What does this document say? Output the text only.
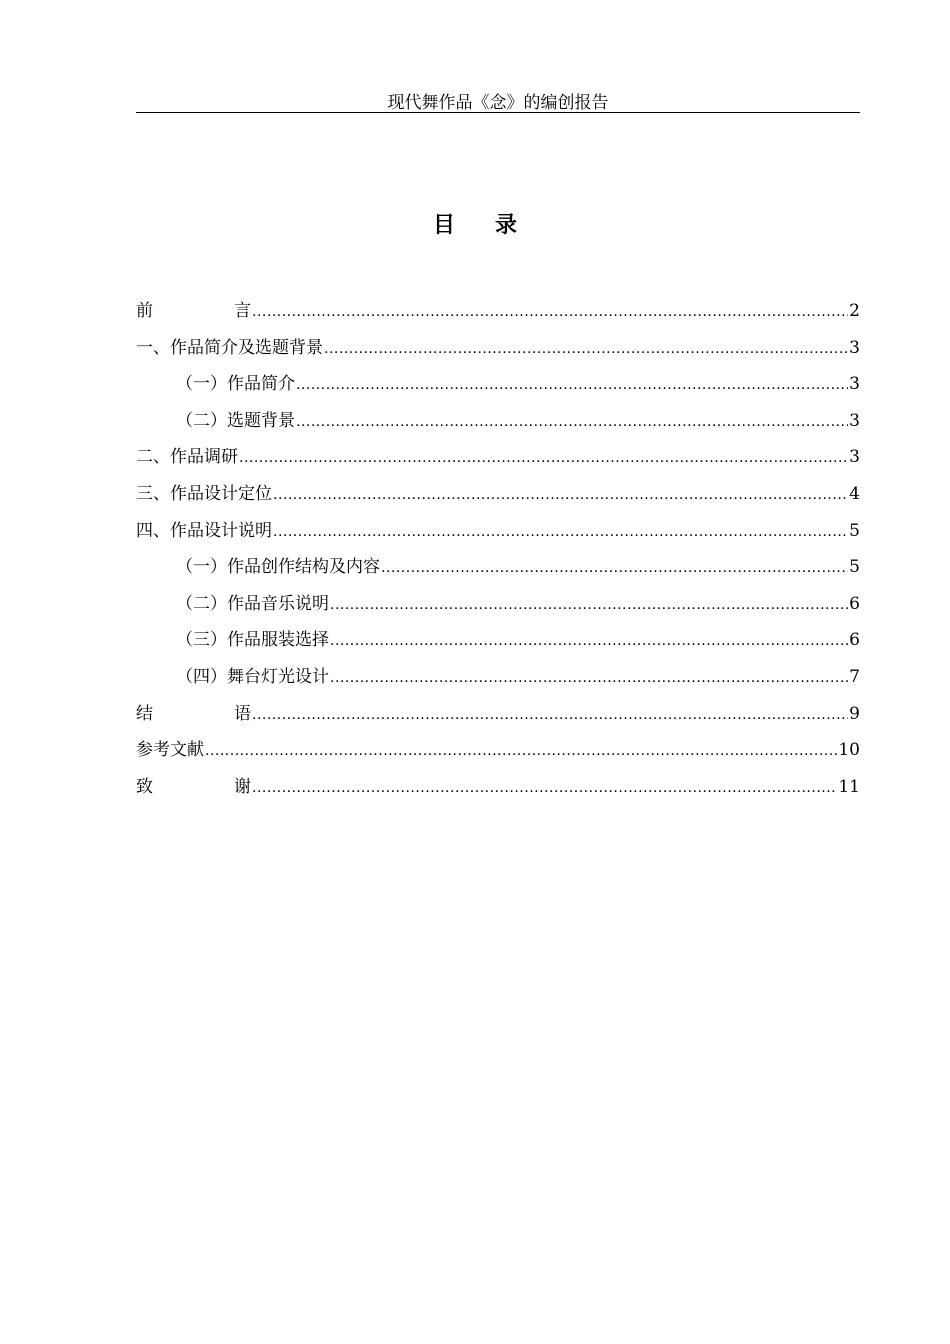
现代舞作品《念》的编创报告
目 录
前	言 .....	2
一、作品简介及选题背景 .....	3
（一）作品简介 .....	3
（二）选题背景 .....	3
二、作品调研 .....	3
三、作品设计定位 .....	4
四、作品设计说明 .....	5
（一）作品创作结构及内容 .....	5
（二）作品音乐说明 .....	6
（三）作品服装选择 .....	6
（四）舞台灯光设计 .....	7
结	语 .....	9
参考文献 .....	10
致	谢 .....	11
